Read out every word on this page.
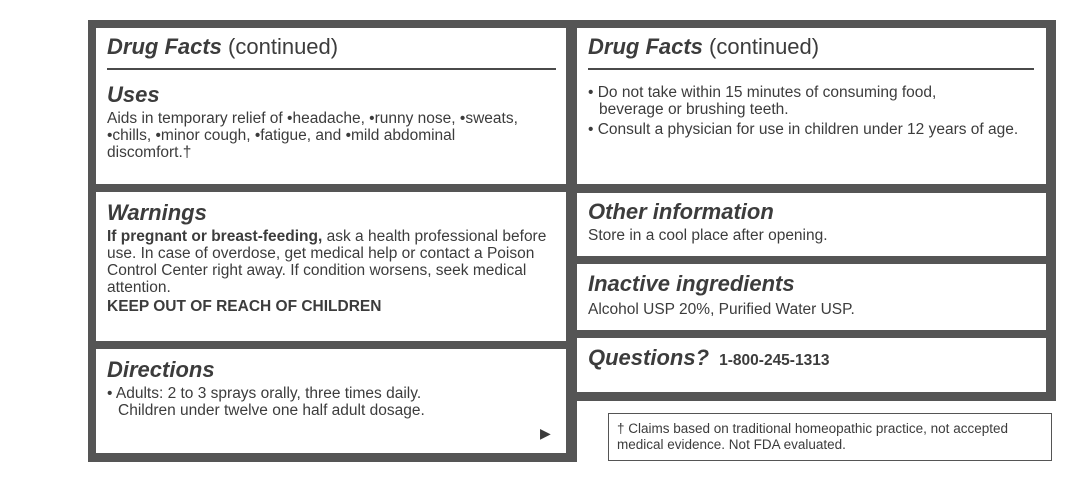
Drug Facts (continued)
Uses
Aids in temporary relief of •headache, •runny nose, •sweats, •chills, •minor cough, •fatigue, and •mild abdominal discomfort.†
Warnings
If pregnant or breast-feeding, ask a health professional before use. In case of overdose, get medical help or contact a Poison Control Center right away. If condition worsens, seek medical attention.
KEEP OUT OF REACH OF CHILDREN
Directions
• Adults: 2 to 3 sprays orally, three times daily.
Children under twelve one half adult dosage.
▶
Drug Facts (continued)
• Do not take within 15 minutes of consuming food, beverage or brushing teeth.
• Consult a physician for use in children under 12 years of age.
Other information
Store in a cool place after opening.
Inactive ingredients
Alcohol USP 20%, Purified Water USP.
Questions? 1-800-245-1313
† Claims based on traditional homeopathic practice, not accepted medical evidence. Not FDA evaluated.
